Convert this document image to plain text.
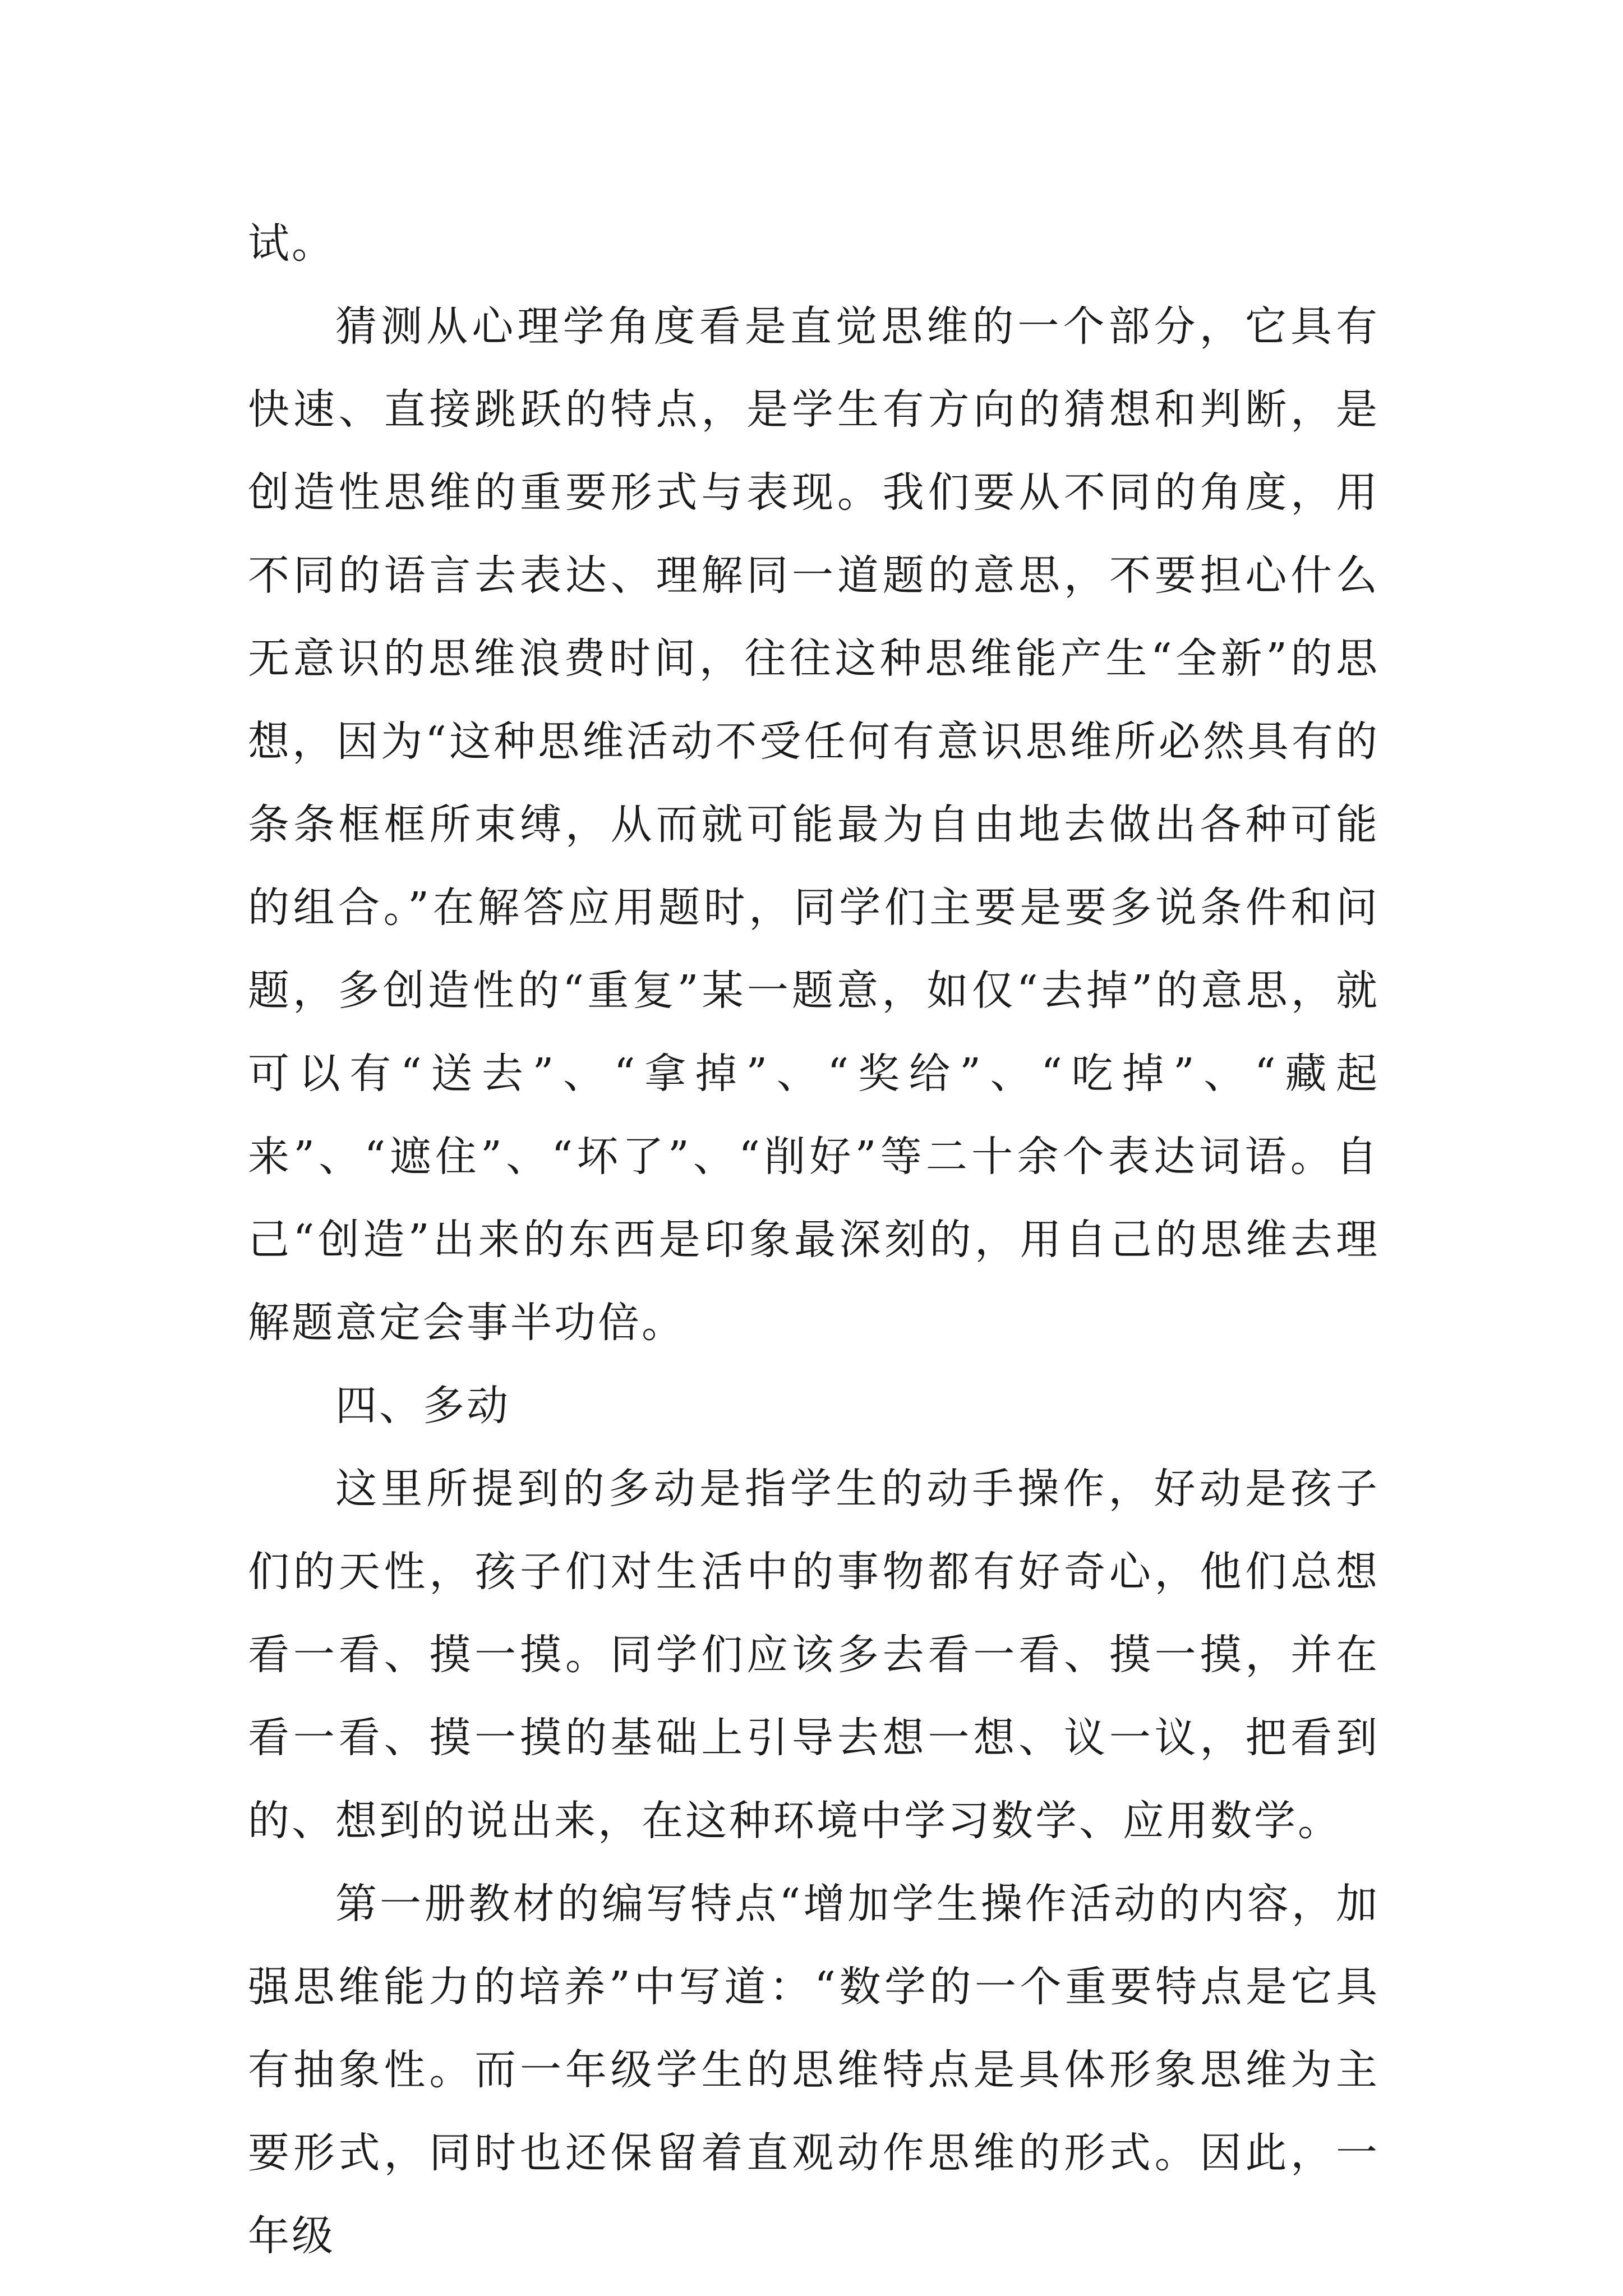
试。

猜测从心理学角度看是直觉思维的一个部分，它具有快速、直接跳跃的特点，是学生有方向的猜想和判断，是创造性思维的重要形式与表现。我们要从不同的角度，用不同的语言去表达、理解同一道题的意思，不要担心什么无意识的思维浪费时间，往往这种思维能产生“全新”的思想，因为“这种思维活动不受任何有意识思维所必然具有的条条框框所束缚，从而就可能最为自由地去做出各种可能的组合。”在解答应用题时，同学们主要是要多说条件和问题，多创造性的“重复”某一题意，如仅“去掉”的意思，就可以有“送去”、“拿掉”、“奖给”、“吃掉”、“藏起来”、“遮住”、“坏了”、“削好”等二十余个表达词语。自己“创造”出来的东西是印象最深刻的，用自己的思维去理解题意定会事半功倍。

四、多动

这里所提到的多动是指学生的动手操作，好动是孩子们的天性，孩子们对生活中的事物都有好奇心，他们总想看一看、摸一摸。同学们应该多去看一看、摸一摸，并在看一看、摸一摸的基础上引导去想一想、议一议，把看到的、想到的说出来，在这种环境中学习数学、应用数学。

第一册教材的编写特点“增加学生操作活动的内容，加强思维能力的培养”中写道：“数学的一个重要特点是它具有抽象性。而一年级学生的思维特点是具体形象思维为主要形式，同时也还保留着直观动作思维的形式。因此，一年级
